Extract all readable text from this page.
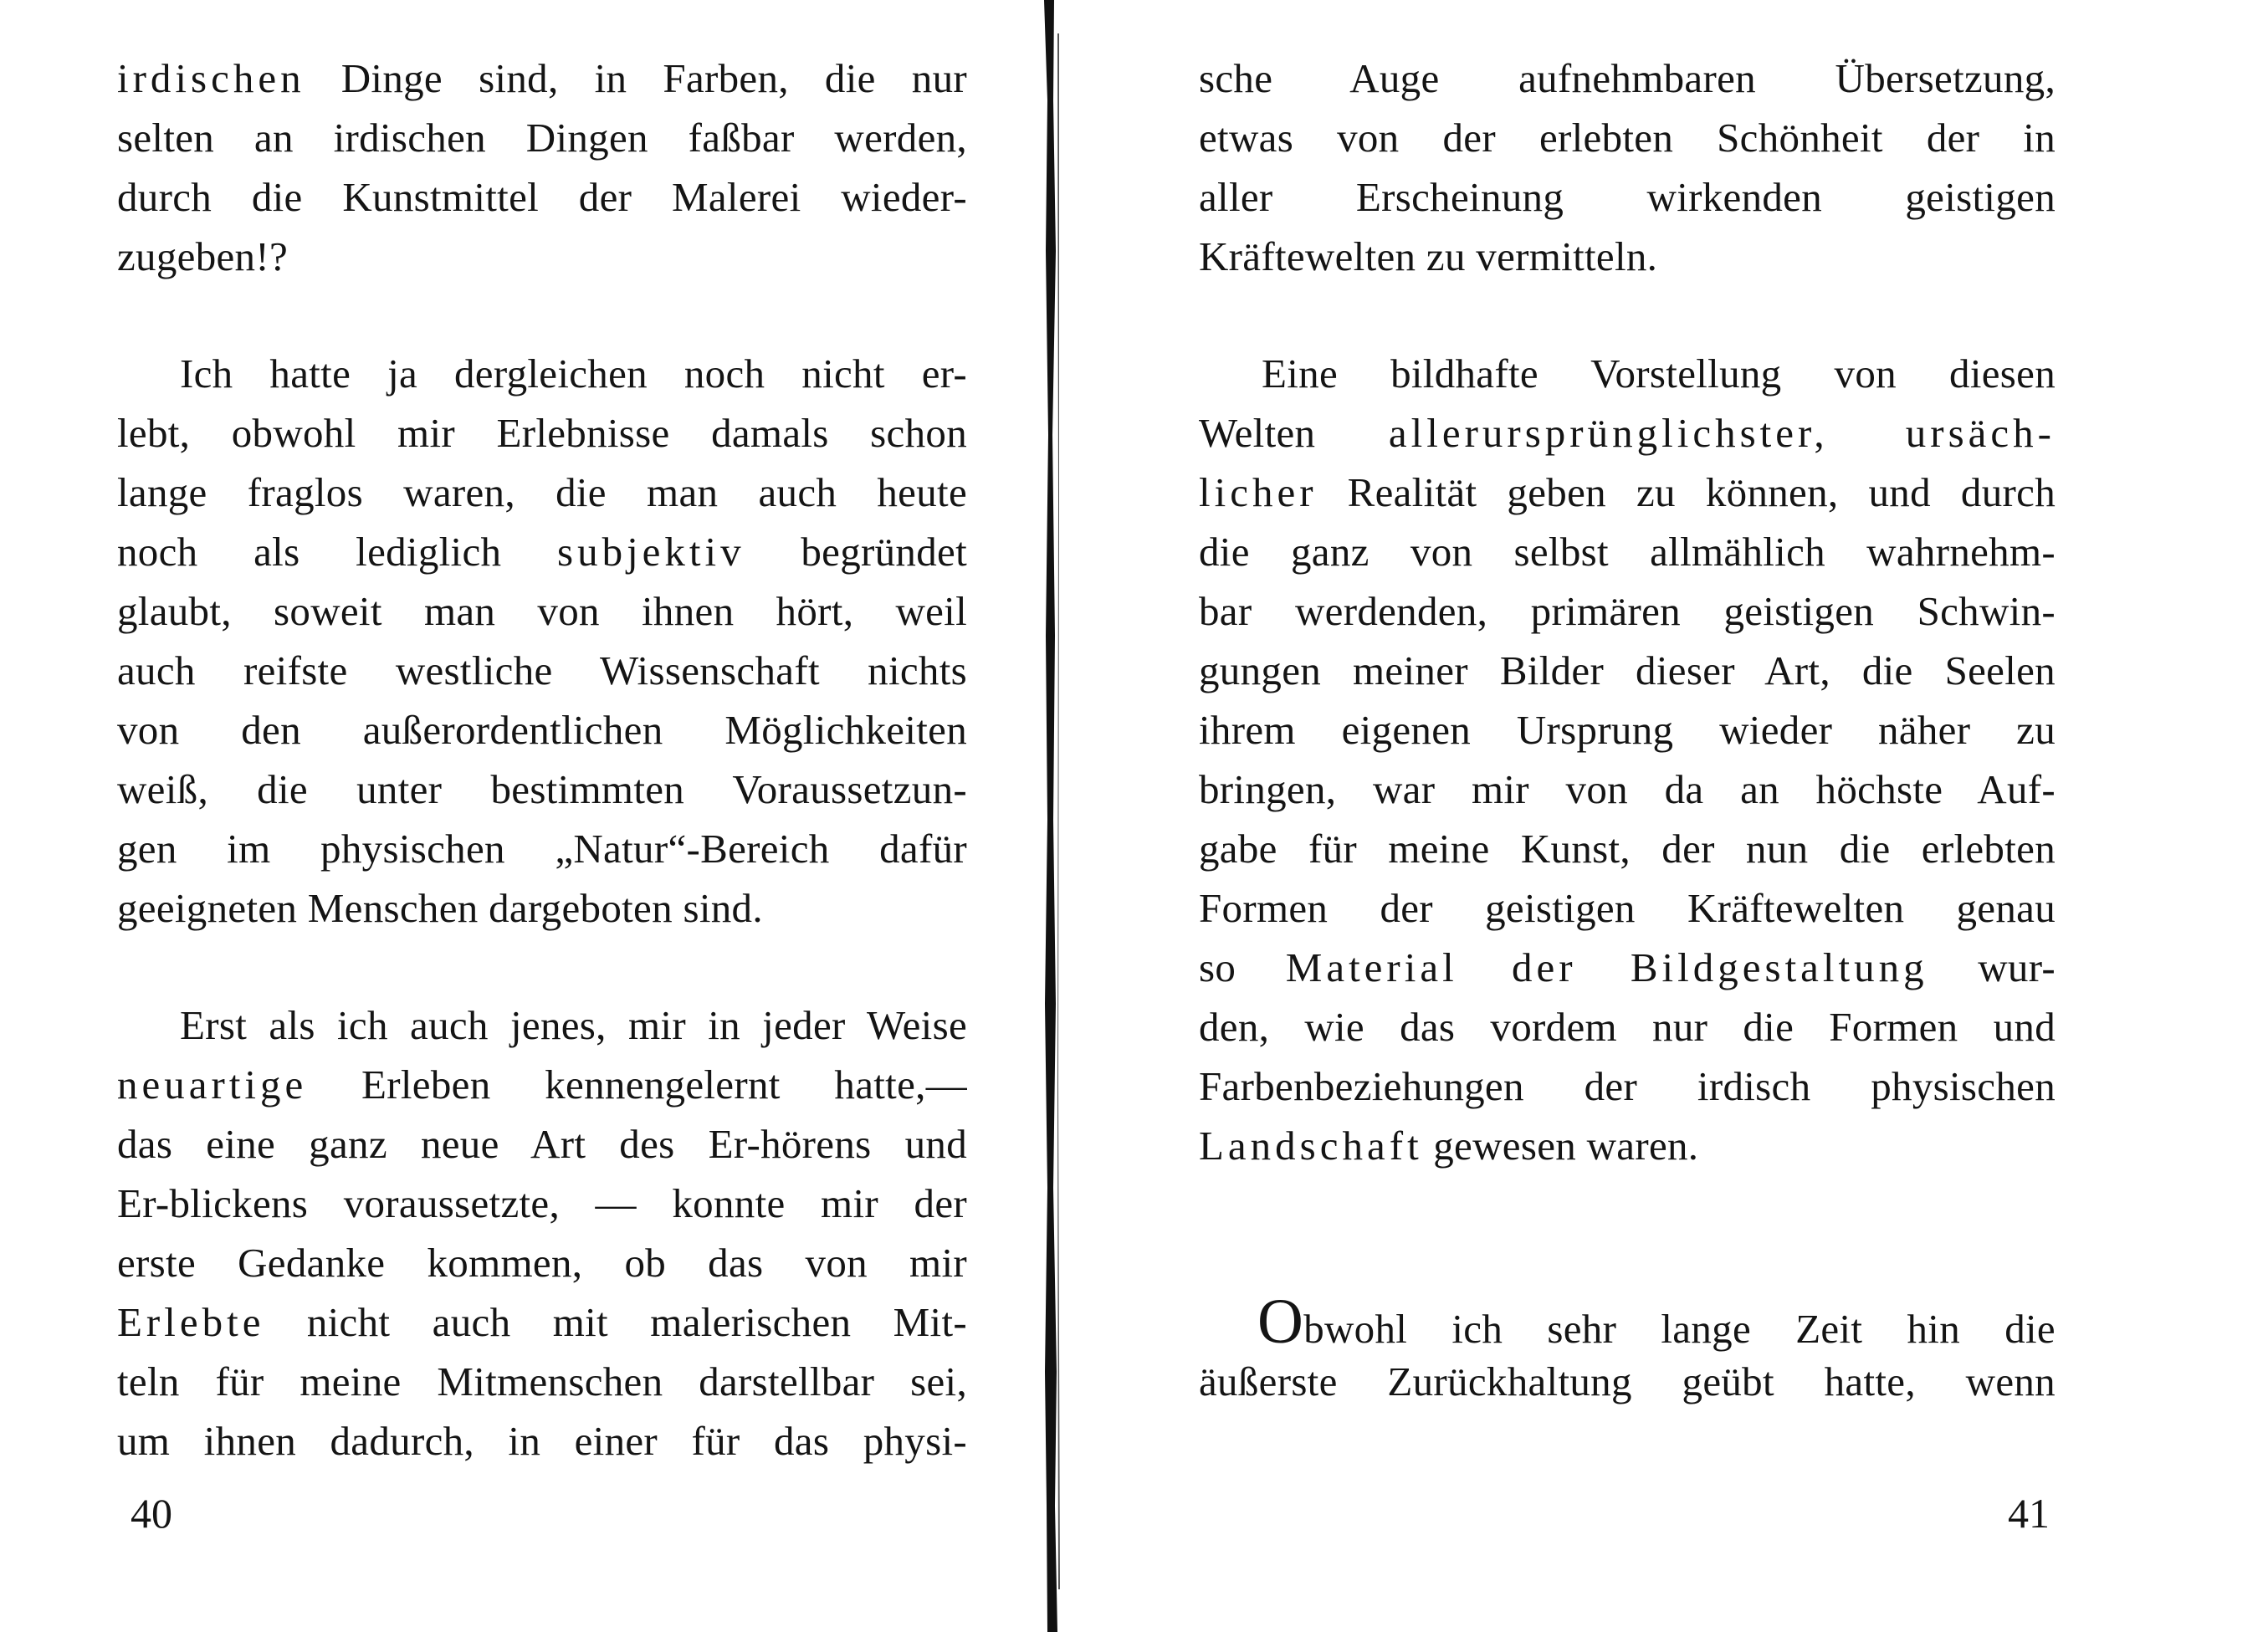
irdischen Dinge sind, in Farben, die nur
selten an irdischen Dingen faßbar werden,
durch die Kunstmittel der Malerei wieder-
zugeben!?
Ich hatte ja dergleichen noch nicht er-
lebt, obwohl mir Erlebnisse damals schon
lange fraglos waren, die man auch heute
noch als lediglich subjektiv begründet
glaubt, soweit man von ihnen hört, weil
auch reifste westliche Wissenschaft nichts
von den außerordentlichen Möglichkeiten
weiß, die unter bestimmten Voraussetzun-
gen im physischen „Natur“-Bereich dafür
geeigneten Menschen dargeboten sind.
Erst als ich auch jenes, mir in jeder Weise
neuartige Erleben kennengelernt hatte,—
das eine ganz neue Art des Er-hörens und
Er-blickens voraussetzte, — konnte mir der
erste Gedanke kommen, ob das von mir
Erlebte nicht auch mit malerischen Mit-
teln für meine Mitmenschen darstellbar sei,
um ihnen dadurch, in einer für das physi-
40
sche Auge aufnehmbaren Übersetzung,
etwas von der erlebten Schönheit der in
aller Erscheinung wirkenden geistigen
Kräftewelten zu vermitteln.
Eine bildhafte Vorstellung von diesen
Welten allerursprünglichster, ursäch-
licher Realität geben zu können, und durch
die ganz von selbst allmählich wahrnehm-
bar werdenden, primären geistigen Schwin-
gungen meiner Bilder dieser Art, die Seelen
ihrem eigenen Ursprung wieder näher zu
bringen, war mir von da an höchste Auf-
gabe für meine Kunst, der nun die erlebten
Formen der geistigen Kräftewelten genau
so Material der Bildgestaltung wur-
den, wie das vordem nur die Formen und
Farbenbeziehungen der irdisch physischen
Landschaft gewesen waren.
Obwohl ich sehr lange Zeit hin die
äußerste Zurückhaltung geübt hatte, wenn
41
